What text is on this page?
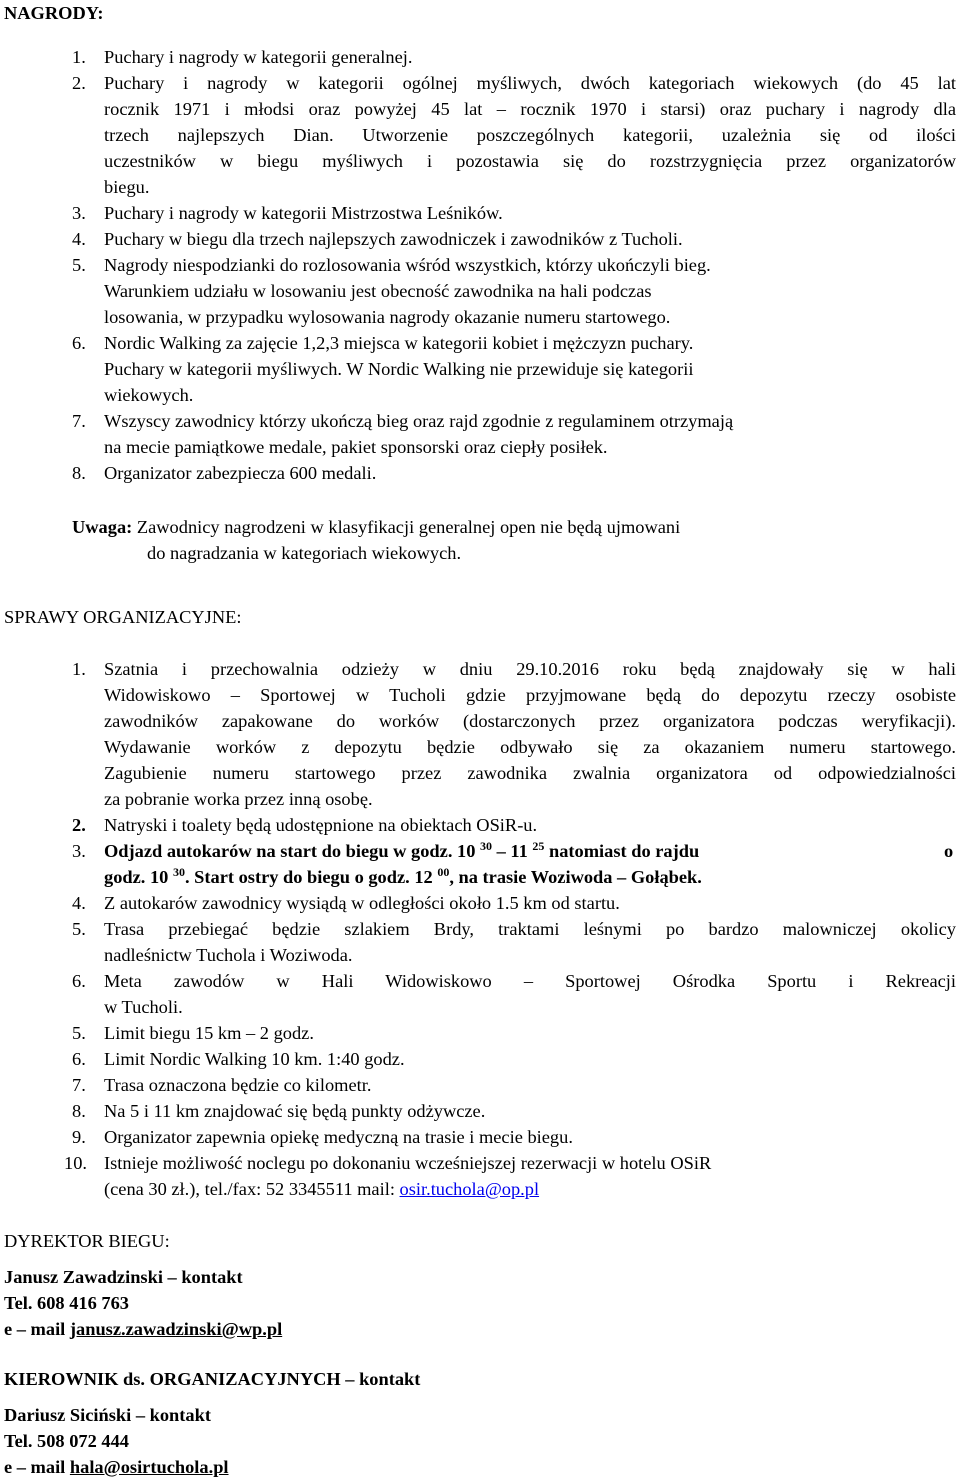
NAGRODY:
1. Puchary i nagrody w kategorii generalnej.
2. Puchary i nagrody w kategorii ogólnej myśliwych, dwóch kategoriach wiekowych (do 45 lat
rocznik 1971 i młodsi oraz powyżej 45 lat – rocznik 1970 i starsi) oraz puchary i nagrody dla
trzech najlepszych Dian. Utworzenie poszczególnych kategorii, uzależnia się od ilości
uczestników w biegu myśliwych i pozostawia się do rozstrzygnięcia przez organizatorów
biegu.
3. Puchary i nagrody w kategorii Mistrzostwa Leśników.
4. Puchary w biegu dla trzech najlepszych zawodniczek i zawodników z Tucholi.
5. Nagrody niespodzianki do rozlosowania wśród wszystkich, którzy ukończyli bieg.
Warunkiem udziału w losowaniu jest obecność zawodnika na hali podczas
losowania, w przypadku wylosowania nagrody okazanie numeru startowego.
6. Nordic Walking za zajęcie 1,2,3 miejsca w kategorii kobiet i mężczyzn puchary.
Puchary w kategorii myśliwych. W Nordic Walking nie przewiduje się kategorii
wiekowych.
7. Wszyscy zawodnicy którzy ukończą bieg oraz rajd zgodnie z regulaminem otrzymają
na mecie pamiątkowe medale, pakiet sponsorski oraz ciepły posiłek.
8. Organizator zabezpiecza 600 medali.
Uwaga: Zawodnicy nagrodzeni w klasyfikacji generalnej open nie będą ujmowani
do nagradzania w kategoriach wiekowych.
SPRAWY ORGANIZACYJNE:
1. Szatnia i przechowalnia odzieży w dniu 29.10.2016 roku będą znajdowały się w hali
Widowiskowo – Sportowej w Tucholi gdzie przyjmowane będą do depozytu rzeczy osobiste
zawodników zapakowane do worków (dostarczonych przez organizatora podczas weryfikacji).
Wydawanie worków z depozytu będzie odbywało się za okazaniem numeru startowego.
Zagubienie numeru startowego przez zawodnika zwalnia organizatora od odpowiedzialności
za pobranie worka przez inną osobę.
2. Natryski i toalety będą udostępnione na obiektach OSiR-u.
3. Odjazd autokarów na start do biegu w godz. 10 $^{30}$ – 11 $^{25}$ natomiast do rajdu	o
godz. 10 $^{30}$. Start ostry do biegu o godz. 12 $^{00}$, na trasie Woziwoda – Gołąbek.
4. Z autokarów zawodnicy wysiądą w odległości około 1.5 km od startu.
5. Trasa przebiegać będzie szlakiem Brdy, traktami leśnymi po bardzo malowniczej okolicy
nadleśnictw Tuchola i Woziwoda.
6. Meta zawodów w Hali Widowiskowo – Sportowej Ośrodka Sportu i Rekreacji
w Tucholi.
5. Limit biegu 15 km – 2 godz.
6. Limit Nordic Walking 10 km. 1:40 godz.
7. Trasa oznaczona będzie co kilometr.
8. Na 5 i 11 km znajdować się będą punkty odżywcze.
9. Organizator zapewnia opiekę medyczną na trasie i mecie biegu.
10. Istnieje możliwość noclegu po dokonaniu wcześniejszej rezerwacji w hotelu OSiR
(cena 30 zł.), tel./fax: 52 3345511 mail: osir.tuchola@op.pl
DYREKTOR BIEGU:
Janusz Zawadzinski – kontakt
Tel. 608 416 763
e – mail janusz.zawadzinski@wp.pl
KIEROWNIK ds. ORGANIZACYJNYCH – kontakt
Dariusz Siciński – kontakt
Tel. 508 072 444
e – mail hala@osirtuchola.pl
